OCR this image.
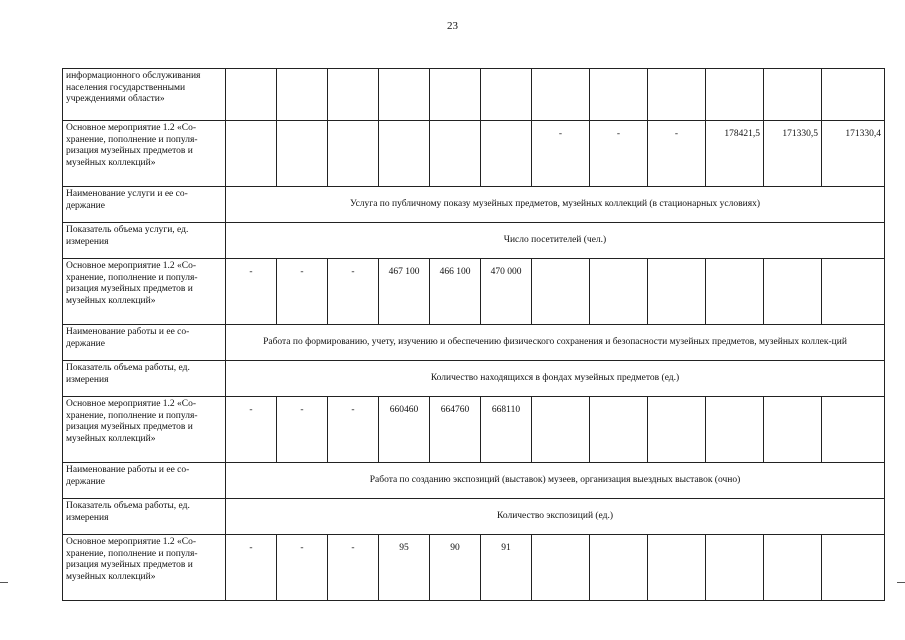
23
информационного обслуживания населения государственными учреждениями области»												
Основное мероприятие 1.2 «Со-хранение, пополнение и популя-ризация музейных предметов и музейных коллекций»							-	-	-	178421,5	171330,5	171330,4
Наименование услуги и ее со-держание	Услуга по публичному показу музейных предметов, музейных коллекций (в стационарных условиях)											
Показатель объема услуги, ед. измерения	Число посетителей (чел.)											
Основное мероприятие 1.2 «Со-хранение, пополнение и популя-ризация музейных предметов и музейных коллекций»	-	-	-	467 100	466 100	470 000						
Наименование работы и ее со-держание	Работа по формированию, учету, изучению и обеспечению физического сохранения и безопасности музейных предметов, музейных коллек-ций											
Показатель объема работы, ед. измерения	Количество находящихся в фондах музейных предметов (ед.)											
Основное мероприятие 1.2 «Со-хранение, пополнение и популя-ризация музейных предметов и музейных коллекций»	-	-	-	660460	664760	668110						
Наименование работы и ее со-держание	Работа по созданию экспозиций (выставок) музеев, организация выездных выставок (очно)											
Показатель объема работы, ед. измерения	Количество экспозиций (ед.)											
Основное мероприятие 1.2 «Со-хранение, пополнение и популя-ризация музейных предметов и музейных коллекций»	-	-	-	95	90	91						
